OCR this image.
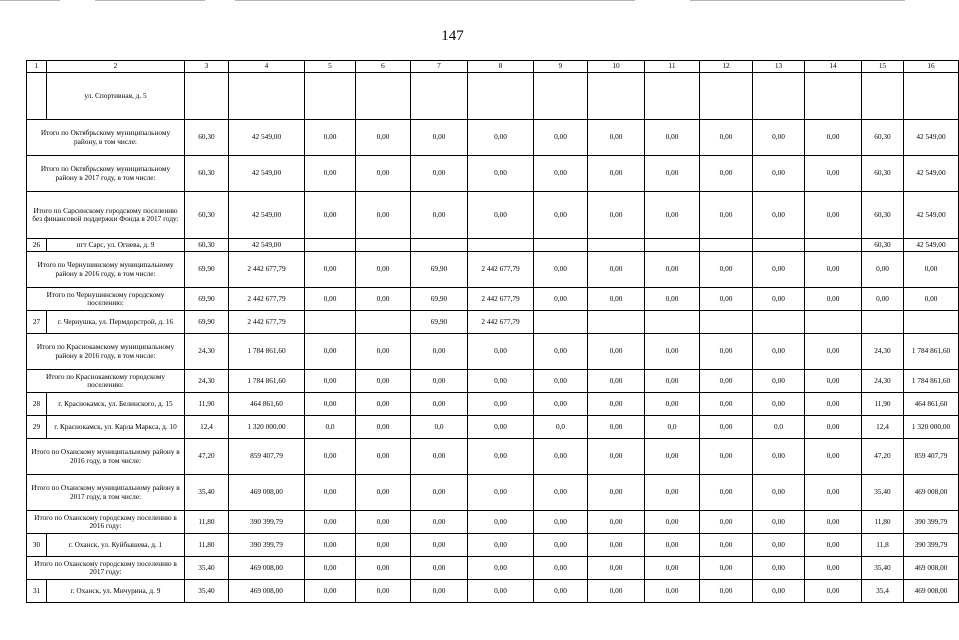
147
1	2	3	4	5	6	7	8	9	10	11	12	13	14	15	16
	ул. Спортивная, д. 5														
Итого по Октябрьскому муниципальному району, в том числе:		60,30	42 549,00	0,00	0,00	0,00	0,00	0,00	0,00	0,00	0,00	0,00	0,00	60,30	42 549,00
Итого по Октябрьскому муниципальному району в 2017 году, в том числе:		60,30	42 549,00	0,00	0,00	0,00	0,00	0,00	0,00	0,00	0,00	0,00	0,00	60,30	42 549,00
Итого по Сарсинскому городскому поселению без финансовой поддержки Фонда в 2017 году:		60,30	42 549,00	0,00	0,00	0,00	0,00	0,00	0,00	0,00	0,00	0,00	0,00	60,30	42 549,00
26	пгт Сарс, ул. Огнева, д. 9	60,30	42 549,00											60,30	42 549,00
Итого по Чернушинскому муниципальному району в 2016 году, в том числе:		69,90	2 442 677,79	0,00	0,00	69,90	2 442 677,79	0,00	0,00	0,00	0,00	0,00	0,00	0,00	0,00
Итого по Чернушинскому городскому поселению:		69,90	2 442 677,79	0,00	0,00	69,90	2 442 677,79	0,00	0,00	0,00	0,00	0,00	0,00	0,00	0,00
27	г. Чернушка, ул. Пермдорстрой, д. 16	69,90	2 442 677,79			69,90	2 442 677,79								
Итого по Краснокамскому муниципальному району в 2016 году, в том числе:		24,30	1 784 861,60	0,00	0,00	0,00	0,00	0,00	0,00	0,00	0,00	0,00	0,00	24,30	1 784 861,60
Итого по Краснокамскому городскому поселению:		24,30	1 784 861,60	0,00	0,00	0,00	0,00	0,00	0,00	0,00	0,00	0,00	0,00	24,30	1 784 861,60
28	г. Краснокамск, ул. Белинского, д. 15	11,90	464 861,60	0,00	0,00	0,00	0,00	0,00	0,00	0,00	0,00	0,00	0,00	11,90	464 861,60
29	г. Краснокамск, ул. Карла Маркса, д. 10	12,4	1 320 000,00	0,0	0,00	0,0	0,00	0,0	0,00	0,0	0,00	0,0	0,00	12,4	1 320 000,00
Итого по Оханскому муниципальному району в 2016 году, в том числе:		47,20	859 407,79	0,00	0,00	0,00	0,00	0,00	0,00	0,00	0,00	0,00	0,00	47,20	859 407,79
Итого по Оханскому муниципальному району в 2017 году, в том числе:		35,40	469 008,00	0,00	0,00	0,00	0,00	0,00	0,00	0,00	0,00	0,00	0,00	35,40	469 008,00
Итого по Оханскому городскому поселению в 2016 году:		11,80	390 399,79	0,00	0,00	0,00	0,00	0,00	0,00	0,00	0,00	0,00	0,00	11,80	390 399,79
30	г. Оханск, ул. Куйбышева, д. 1	11,80	390 399,79	0,00	0,00	0,00	0,00	0,00	0,00	0,00	0,00	0,00	0,00	11,8	390 399,79
Итого по Оханскому городскому поселению в 2017 году:		35,40	469 008,00	0,00	0,00	0,00	0,00	0,00	0,00	0,00	0,00	0,00	0,00	35,40	469 008,00
31	г. Оханск, ул. Мичурина, д. 9	35,40	469 008,00	0,00	0,00	0,00	0,00	0,00	0,00	0,00	0,00	0,00	0,00	35,4	469 008,00
